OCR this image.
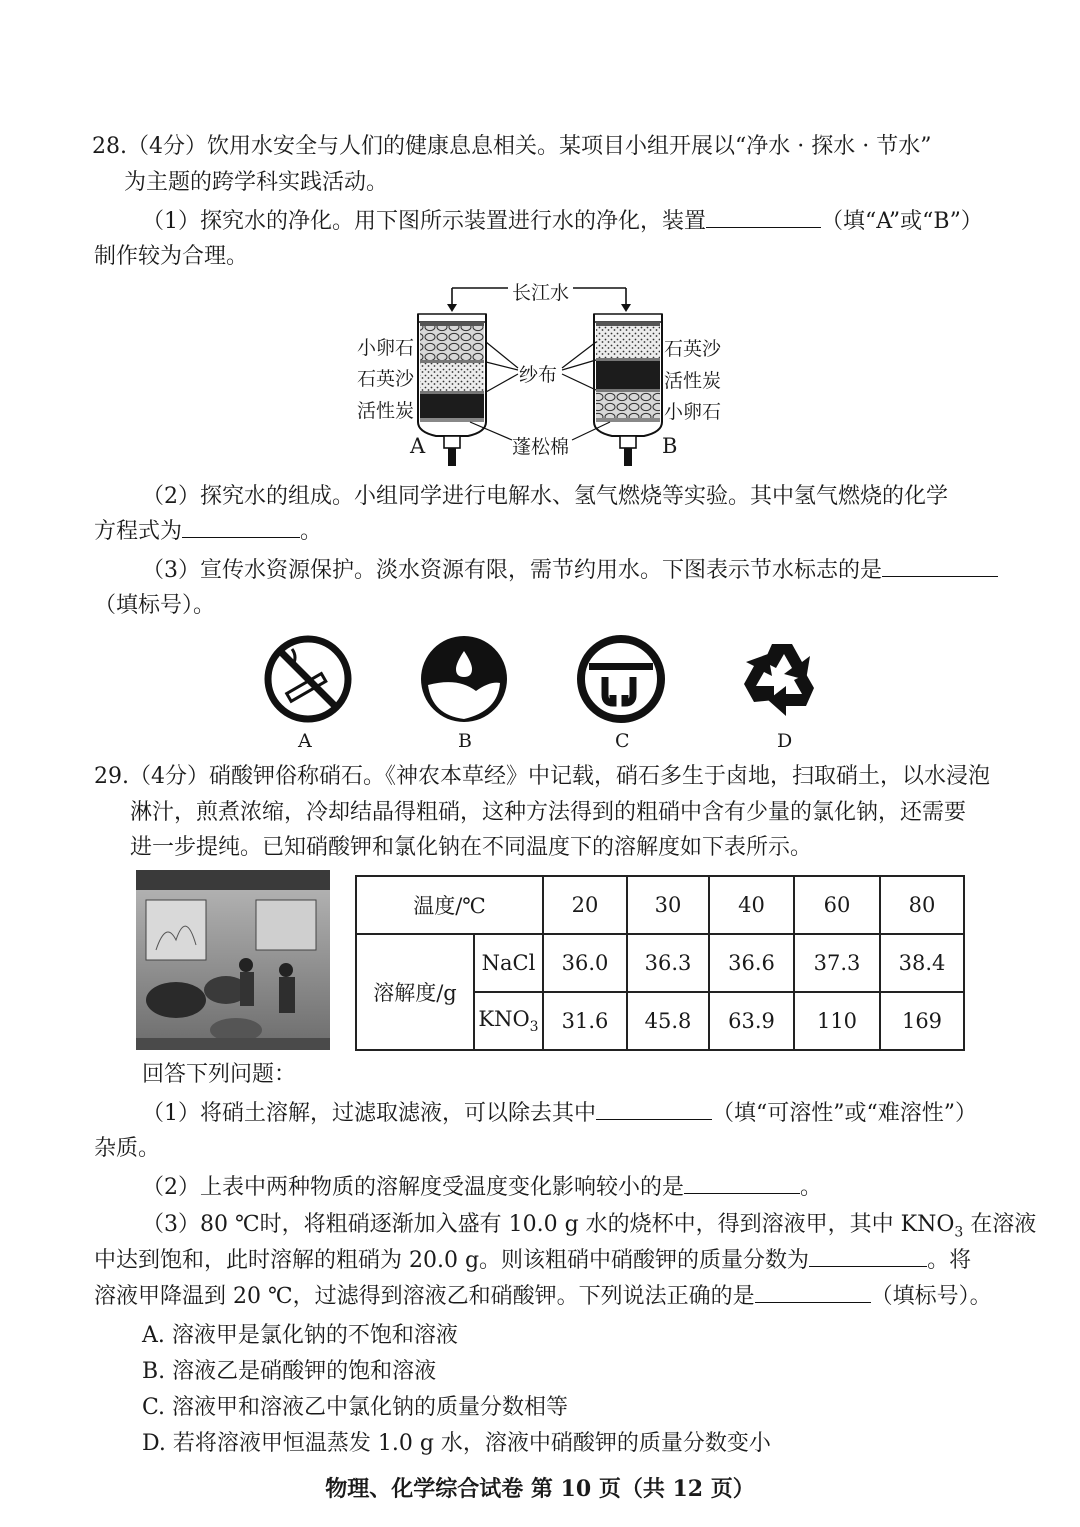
28.（4分）饮用水安全与人们的健康息息相关。某项目小组开展以“净水 · 探水 · 节水”
为主题的跨学科实践活动。
（1）探究水的净化。用下图所示装置进行水的净化，装置	（填“A”或“B”）
制作较为合理。
长江水
小卵石
石英沙
活性炭
石英沙
活性炭
小卵石
纱布
蓬松棉
A	B
（2）探究水的组成。小组同学进行电解水、氢气燃烧等实验。其中氢气燃烧的化学
方程式为	。
（3）宣传水资源保护。淡水资源有限，需节约用水。下图表示节水标志的是
（填标号）。
A	B	C	D
29.（4分）硝酸钾俗称硝石。《神农本草经》中记载，硝石多生于卤地，扫取硝土，以水浸泡
淋汁，煎煮浓缩，冷却结晶得粗硝，这种方法得到的粗硝中含有少量的氯化钠，还需要
进一步提纯。已知硝酸钾和氯化钠在不同温度下的溶解度如下表所示。
温度/℃		20	30	40	60	80
溶解度/g	NaCl	36.0	36.3	36.6	37.3	38.4
	$KNO_3$	31.6	45.8	63.9	110	169
回答下列问题：
（1）将硝土溶解，过滤取滤液，可以除去其中	（填“可溶性”或“难溶性”）
杂质。
（2）上表中两种物质的溶解度受温度变化影响较小的是	。
（3）80 ℃时，将粗硝逐渐加入盛有 10.0 g 水的烧杯中，得到溶液甲，其中 $KNO_3$ 在溶液
中达到饱和，此时溶解的粗硝为 20.0 g。则该粗硝中硝酸钾的质量分数为	。将
溶液甲降温到 20 ℃，过滤得到溶液乙和硝酸钾。下列说法正确的是	（填标号）。
A. 溶液甲是氯化钠的不饱和溶液
B. 溶液乙是硝酸钾的饱和溶液
C. 溶液甲和溶液乙中氯化钠的质量分数相等
D. 若将溶液甲恒温蒸发 1.0 g 水，溶液中硝酸钾的质量分数变小
物理、化学综合试卷 第 10 页（共 12 页）
